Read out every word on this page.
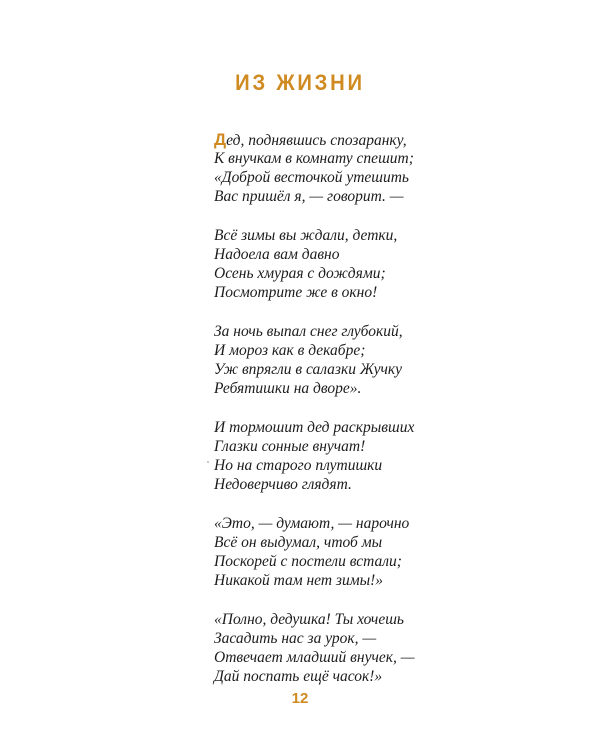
ИЗ ЖИЗНИ
Дед, поднявшись спозаранку,
К внучкам в комнату спешит;
«Доброй весточкой утешить
Вас пришёл я, — говорит. —
Всё зимы вы ждали, детки,
Надоела вам давно
Осень хмурая с дождями;
Посмотрите же в окно!
За ночь выпал снег глубокий,
И мороз как в декабре;
Уж впрягли в салазки Жучку
Ребятишки на дворе».
И тормошит дед раскрывших
Глазки сонные внучат!
Но на старого плутишки
Недоверчиво глядят.
«Это, — думают, — нарочно
Всё он выдумал, чтоб мы
Поскорей с постели встали;
Никакой там нет зимы!»
«Полно, дедушка! Ты хочешь
Засадить нас за урок, —
Отвечает младший внучек, —
Дай поспать ещё часок!»
12
